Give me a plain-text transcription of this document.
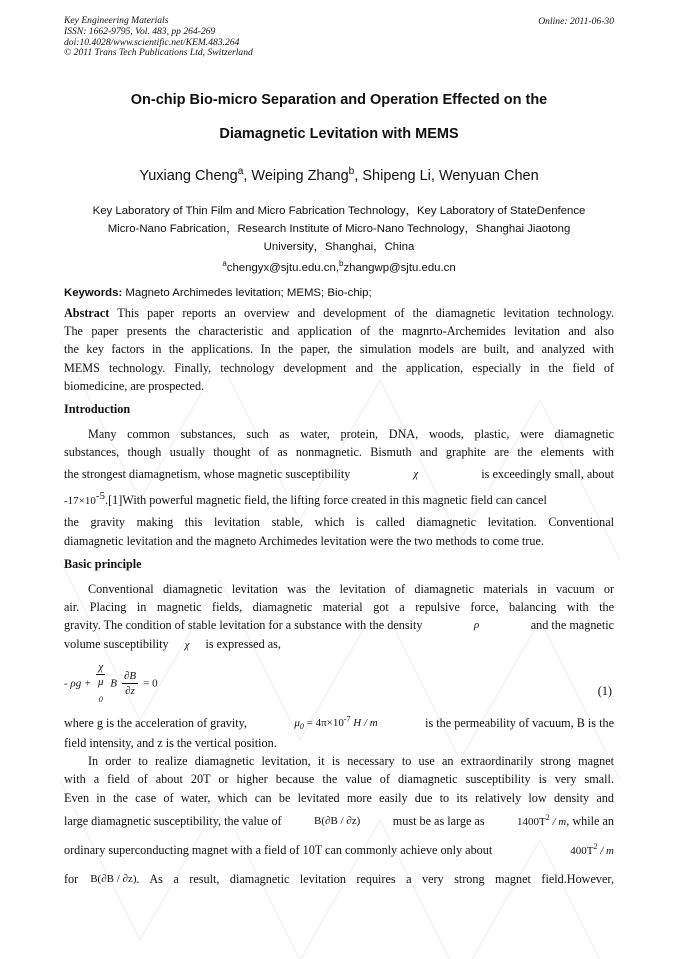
Key Engineering Materials
ISSN: 1662-9795, Vol. 483, pp 264-269
doi:10.4028/www.scientific.net/KEM.483.264
© 2011 Trans Tech Publications Ltd, Switzerland
Online: 2011-06-30
On-chip Bio-micro Separation and Operation Effected on the
Diamagnetic Levitation with MEMS
Yuxiang Cheng$^a$, Weiping Zhang$^b$, Shipeng Li, Wenyuan Chen
Key Laboratory of Thin Film and Micro Fabrication Technology，Key Laboratory of StateDenfence
Micro-Nano Fabrication，Research Institute of Micro-Nano Technology，Shanghai Jiaotong
University，Shanghai，China
$^a$chengyx@sjtu.edu.cn,$^b$zhangwp@sjtu.edu.cn
Keywords: Magneto Archimedes levitation; MEMS; Bio-chip;
Abstract This paper reports an overview and development of the diamagnetic levitation technology.
The paper presents the characteristic and application of the magnrto-Archemides levitation and also
the key factors in the applications. In the paper, the simulation models are built, and analyzed with
MEMS technology. Finally, technology development and the application, especially in the field of
biomedicine, are prospected.
Introduction
Many common substances, such as water, protein, DNA, woods, plastic, were diamagnetic
substances, though usually thought of as nonmagnetic. Bismuth and graphite are the elements with
the strongest diamagnetism, whose magnetic susceptibility	χ	is exceedingly small, about
$-17\times 10^{-5}.[1]With$ powerful magnetic field, the lifting force created in this magnetic field can cancel
the gravity making this levitation stable, which is called diamagnetic levitation. Conventional
diamagnetic levitation and the magneto Archimedes levitation were the two methods to come true.
Basic principle
Conventional diamagnetic levitation was the levitation of diamagnetic materials in vacuum or
air. Placing in magnetic fields, diamagnetic material got a repulsive force, balancing with the
gravity. The condition of stable levitation for a substance with the density	ρ	and the magnetic
volume susceptibility χ is expressed as,
- ρg + χ
μ
$_0$ B $\frac{\partial B}{\partial z} = 0$
(1)
where g is the acceleration of gravity,	$\mu_0 = 4\pi\times 10^{-7}$ H / m	is the permeability of vacuum, B is the
field intensity, and z is the vertical position.
In order to realize diamagnetic levitation, it is necessary to use an extraordinarily strong magnet
with a field of about 20T or higher because the value of diamagnetic susceptibility is very small.
Even in the case of water, which can be levitated more easily due to its relatively low density and
large diamagnetic susceptibility, the value of	B(∂B / ∂z)	must be as large as	$1400T^2$ / m, while an
ordinary superconducting magnet with a field of 10T can commonly achieve only about	$400T^2$ / m
for B(∂B / ∂z) . As a result, diamagnetic levitation requires a very strong magnet field.However,
